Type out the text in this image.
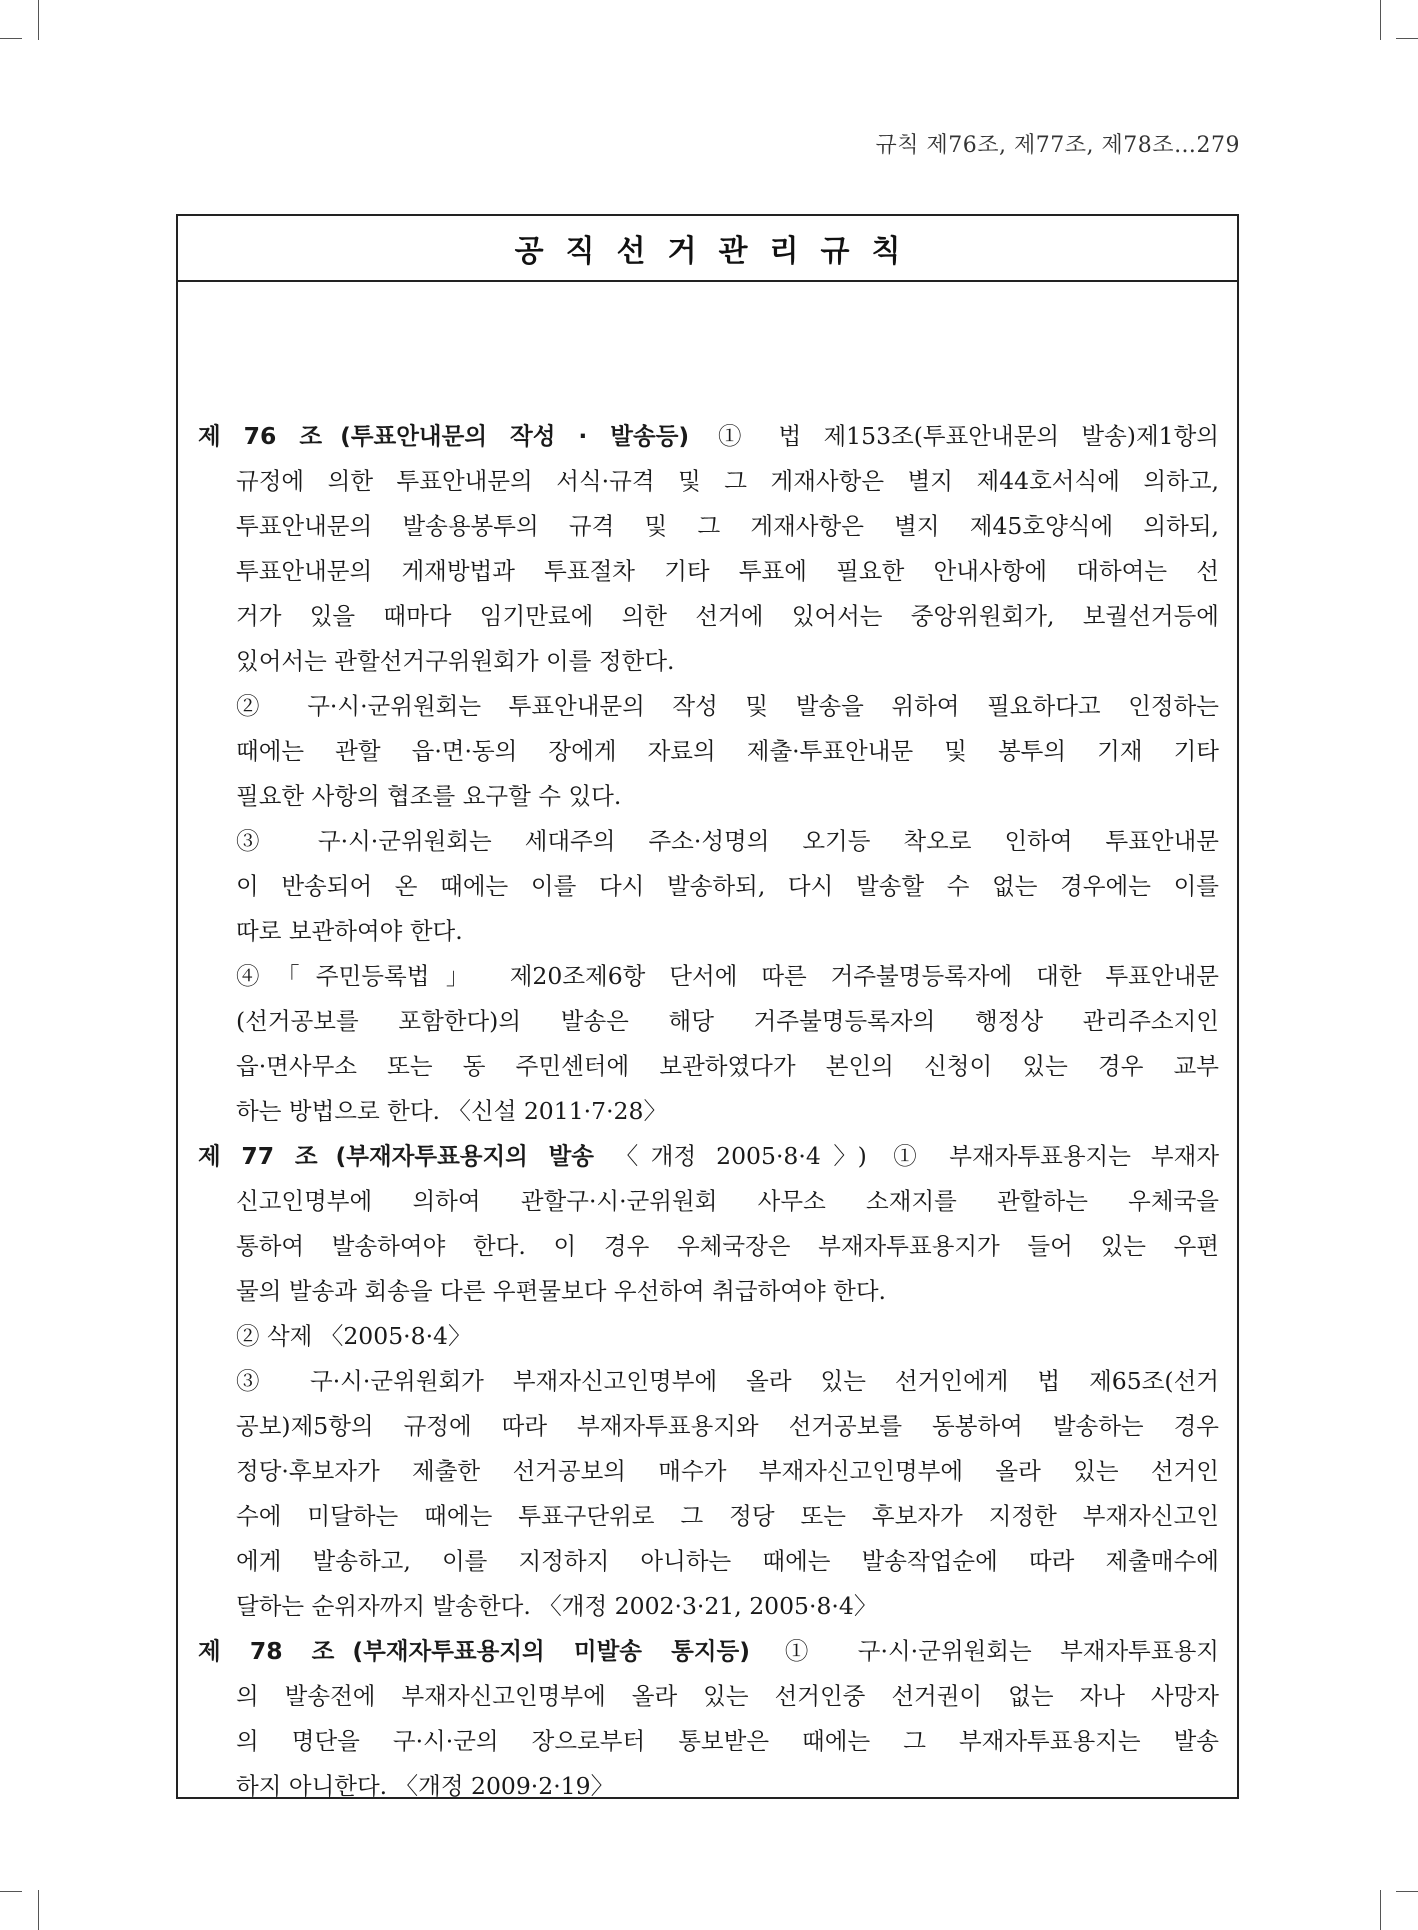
규칙 제76조, 제77조, 제78조…279
공직선거관리규칙
제 76 조 (투표안내문의 작성 · 발송등) ① 법 제153조(투표안내문의 발송)제1항의
규정에 의한 투표안내문의 서식·규격 및 그 게재사항은 별지 제44호서식에 의하고,
투표안내문의 발송용봉투의 규격 및 그 게재사항은 별지 제45호양식에 의하되,
투표안내문의 게재방법과 투표절차 기타 투표에 필요한 안내사항에 대하여는 선
거가 있을 때마다 임기만료에 의한 선거에 있어서는 중앙위원회가, 보궐선거등에
있어서는 관할선거구위원회가 이를 정한다.
② 구·시·군위원회는 투표안내문의 작성 및 발송을 위하여 필요하다고 인정하는
때에는 관할 읍·면·동의 장에게 자료의 제출·투표안내문 및 봉투의 기재 기타
필요한 사항의 협조를 요구할 수 있다.
③ 구·시·군위원회는 세대주의 주소·성명의 오기등 착오로 인하여 투표안내문
이 반송되어 온 때에는 이를 다시 발송하되, 다시 발송할 수 없는 경우에는 이를
따로 보관하여야 한다.
④「주민등록법」 제20조제6항 단서에 따른 거주불명등록자에 대한 투표안내문
(선거공보를 포함한다)의 발송은 해당 거주불명등록자의 행정상 관리주소지인
읍·면사무소 또는 동 주민센터에 보관하였다가 본인의 신청이 있는 경우 교부
하는 방법으로 한다. 〈신설 2011·7·28〉
제 77 조 (부재자투표용지의 발송 〈개정 2005·8·4〉) ① 부재자투표용지는 부재자
신고인명부에 의하여 관할구·시·군위원회 사무소 소재지를 관할하는 우체국을
통하여 발송하여야 한다. 이 경우 우체국장은 부재자투표용지가 들어 있는 우편
물의 발송과 회송을 다른 우편물보다 우선하여 취급하여야 한다.
② 삭제 〈2005·8·4〉
③ 구·시·군위원회가 부재자신고인명부에 올라 있는 선거인에게 법 제65조(선거
공보)제5항의 규정에 따라 부재자투표용지와 선거공보를 동봉하여 발송하는 경우
정당·후보자가 제출한 선거공보의 매수가 부재자신고인명부에 올라 있는 선거인
수에 미달하는 때에는 투표구단위로 그 정당 또는 후보자가 지정한 부재자신고인
에게 발송하고, 이를 지정하지 아니하는 때에는 발송작업순에 따라 제출매수에
달하는 순위자까지 발송한다. 〈개정 2002·3·21, 2005·8·4〉
제 78 조 (부재자투표용지의 미발송 통지등) ① 구·시·군위원회는 부재자투표용지
의 발송전에 부재자신고인명부에 올라 있는 선거인중 선거권이 없는 자나 사망자
의 명단을 구·시·군의 장으로부터 통보받은 때에는 그 부재자투표용지는 발송
하지 아니한다. 〈개정 2009·2·19〉
